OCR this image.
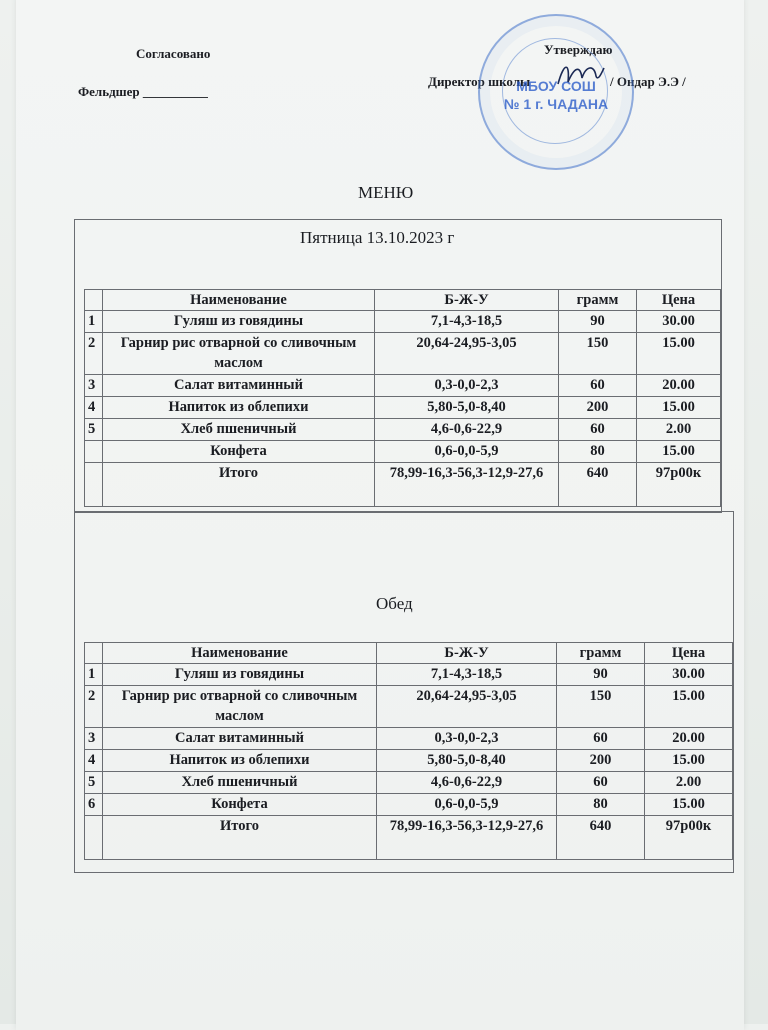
Согласовано
Фельдшер __________
Утверждаю
Директор школы	/ Ондар Э.Э /
МБОУ СОШ
№ 1 г. ЧАДАНА
МЕНЮ
Пятница 13.10.2023 г
	Наименование	Б-Ж-У	грамм	Цена
1	Гуляш из говядины	7,1-4,3-18,5	90	30.00
2	Гарнир рис отварной со сливочным маслом	20,64-24,95-3,05	150	15.00
3	Салат витаминный	0,3-0,0-2,3	60	20.00
4	Напиток из облепихи	5,80-5,0-8,40	200	15.00
5	Хлеб пшеничный	4,6-0,6-22,9	60	2.00
	Конфета	0,6-0,0-5,9	80	15.00
	Итого	78,99-16,3-56,3-12,9-27,6	640	97р00к
Обед
	Наименование	Б-Ж-У	грамм	Цена
1	Гуляш из говядины	7,1-4,3-18,5	90	30.00
2	Гарнир рис отварной со сливочным маслом	20,64-24,95-3,05	150	15.00
3	Салат витаминный	0,3-0,0-2,3	60	20.00
4	Напиток из облепихи	5,80-5,0-8,40	200	15.00
5	Хлеб пшеничный	4,6-0,6-22,9	60	2.00
6	Конфета	0,6-0,0-5,9	80	15.00
	Итого	78,99-16,3-56,3-12,9-27,6	640	97р00к
